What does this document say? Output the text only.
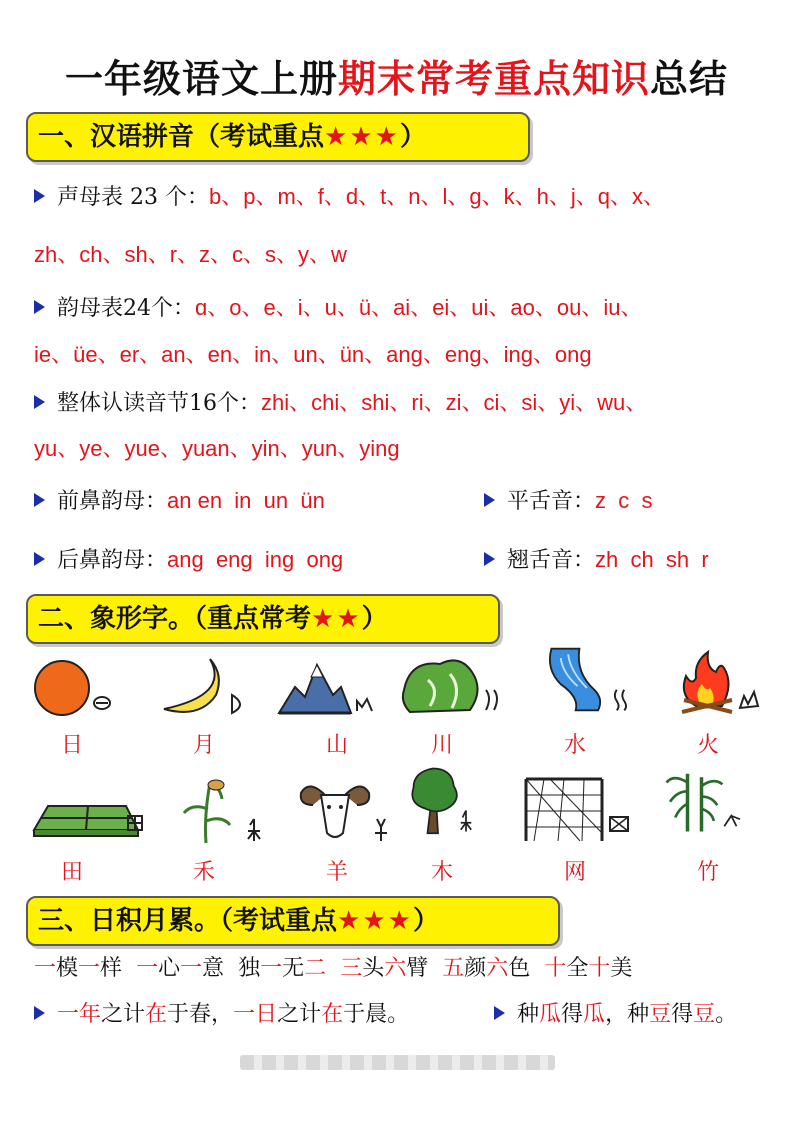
一年级语文上册期末常考重点知识总结
一、汉语拼音（考试重点★★★）
声母表 23 个：b、p、m、f、d、t、n、l、g、k、h、j、q、x、
zh、ch、sh、r、z、c、s、y、w
韵母表24个：ɑ、o、e、i、u、ü、ai、ei、ui、ao、ou、iu、
ie、üe、er、an、en、in、un、ün、ang、eng、ing、ong
整体认读音节16个：zhi、chi、shi、ri、zi、ci、si、yi、wu、
yu、ye、yue、yuan、yin、yun、ying
前鼻韵母：an en  in  un  ün	平舌音：z  c  s
后鼻韵母：ang  eng  ing  ong	翘舌音：zh  ch  sh  r
二、象形字。（重点常考★★）
日	月	山	川	水	火
田	禾	羊	木	网	竹
三、日积月累。（考试重点★★★）
一模一样 一心一意 独一无二 三头六臂 五颜六色 十全十美
一年之计在于春，一日之计在于晨。	种瓜得瓜，种豆得豆。
